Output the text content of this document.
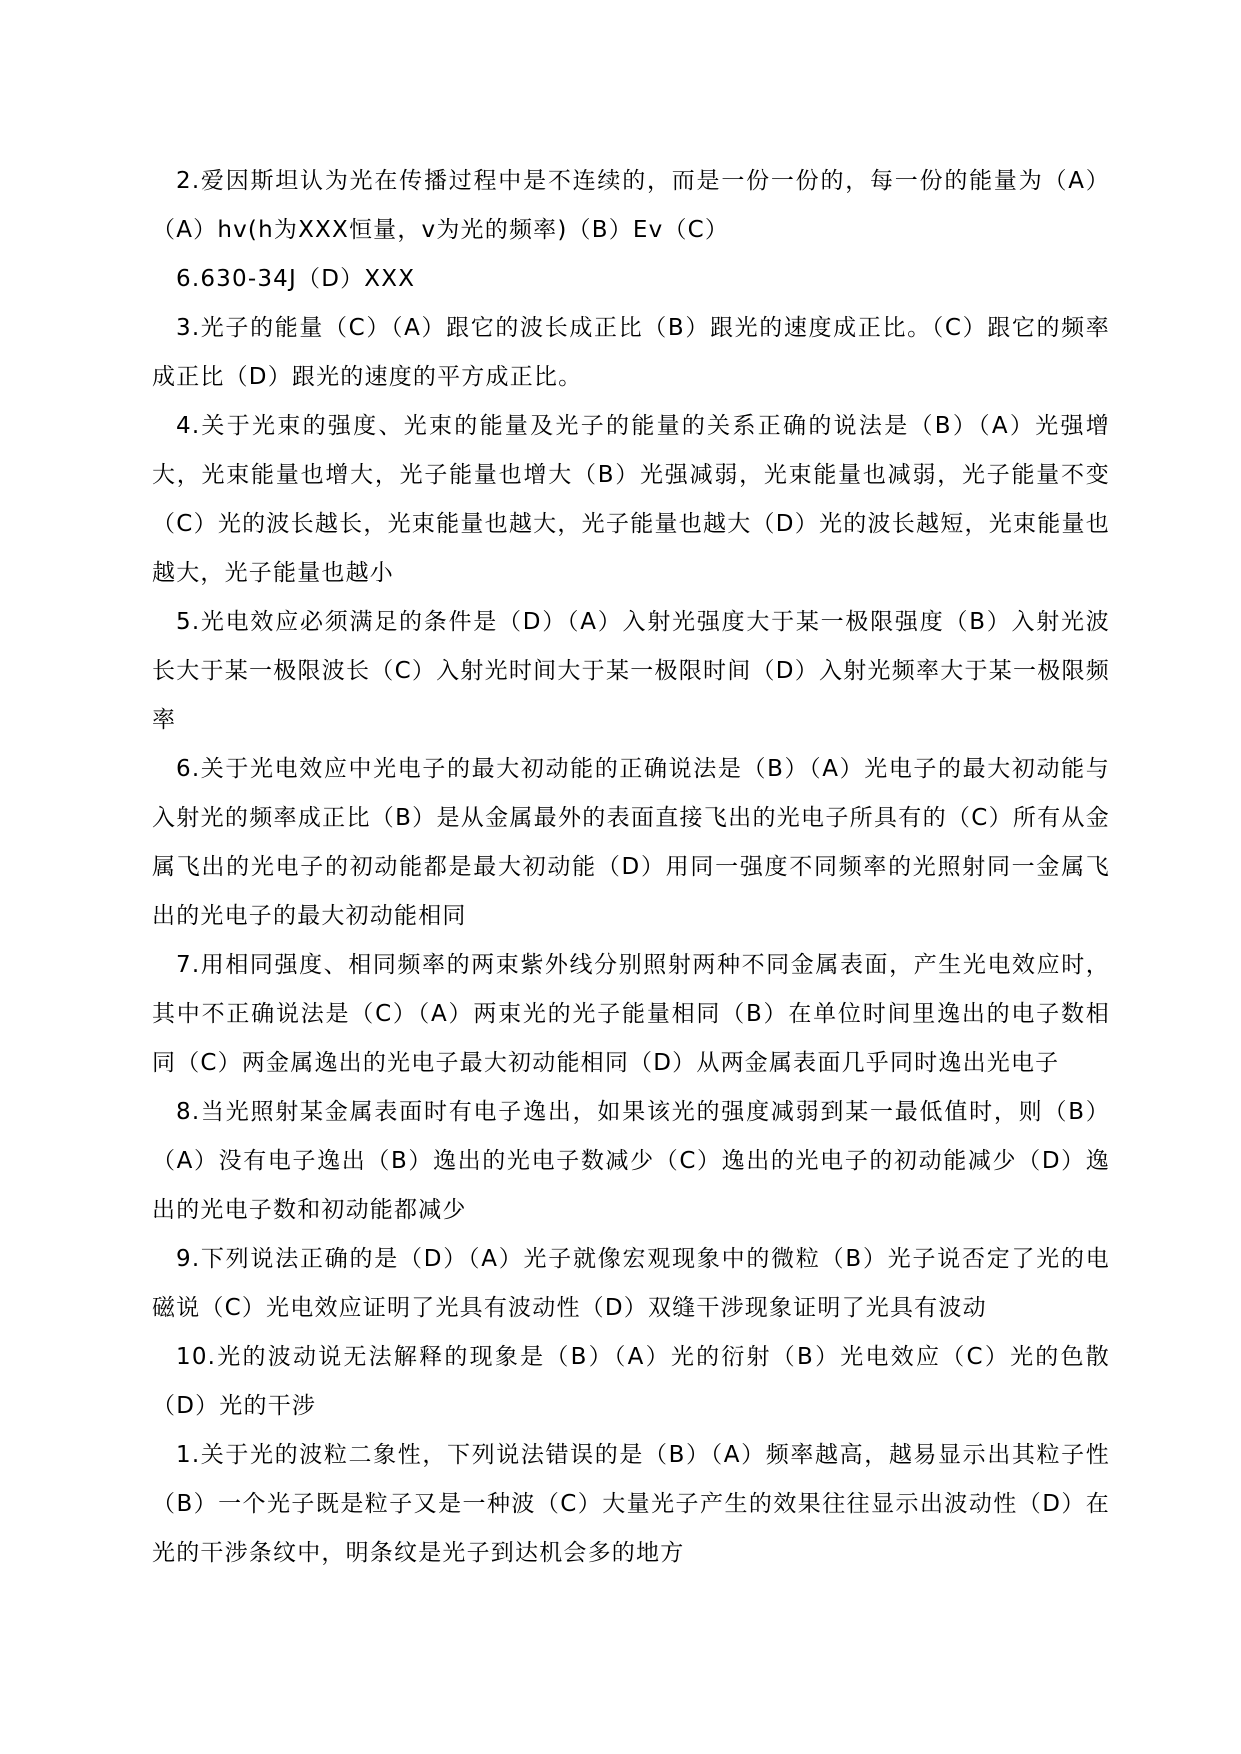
2.爱因斯坦认为光在传播过程中是不连续的，而是一份一份的，每一份的能量为（A）（A）hv(h为XXX恒量，v为光的频率)（B）Ev（C）

6.630-34J（D）XXX

3.光子的能量（C）（A）跟它的波长成正比（B）跟光的速度成正比。（C）跟它的频率成正比（D）跟光的速度的平方成正比。

4.关于光束的强度、光束的能量及光子的能量的关系正确的说法是（B）（A）光强增大，光束能量也增大，光子能量也增大（B）光强减弱，光束能量也减弱，光子能量不变（C）光的波长越长，光束能量也越大，光子能量也越大（D）光的波长越短，光束能量也越大，光子能量也越小

5.光电效应必须满足的条件是（D）（A）入射光强度大于某一极限强度（B）入射光波长大于某一极限波长（C）入射光时间大于某一极限时间（D）入射光频率大于某一极限频率

6.关于光电效应中光电子的最大初动能的正确说法是（B）（A）光电子的最大初动能与入射光的频率成正比（B）是从金属最外的表面直接飞出的光电子所具有的（C）所有从金属飞出的光电子的初动能都是最大初动能（D）用同一强度不同频率的光照射同一金属飞出的光电子的最大初动能相同

7.用相同强度、相同频率的两束紫外线分别照射两种不同金属表面，产生光电效应时，其中不正确说法是（C）（A）两束光的光子能量相同（B）在单位时间里逸出的电子数相同（C）两金属逸出的光电子最大初动能相同（D）从两金属表面几乎同时逸出光电子

8.当光照射某金属表面时有电子逸出，如果该光的强度减弱到某一最低值时，则（B）（A）没有电子逸出（B）逸出的光电子数减少（C）逸出的光电子的初动能减少（D）逸出的光电子数和初动能都减少

9.下列说法正确的是（D）（A）光子就像宏观现象中的微粒（B）光子说否定了光的电磁说（C）光电效应证明了光具有波动性（D）双缝干涉现象证明了光具有波动

10.光的波动说无法解释的现象是（B）（A）光的衍射（B）光电效应（C）光的色散（D）光的干涉

1.关于光的波粒二象性，下列说法错误的是（B）（A）频率越高，越易显示出其粒子性（B）一个光子既是粒子又是一种波（C）大量光子产生的效果往往显示出波动性（D）在光的干涉条纹中，明条纹是光子到达机会多的地方
